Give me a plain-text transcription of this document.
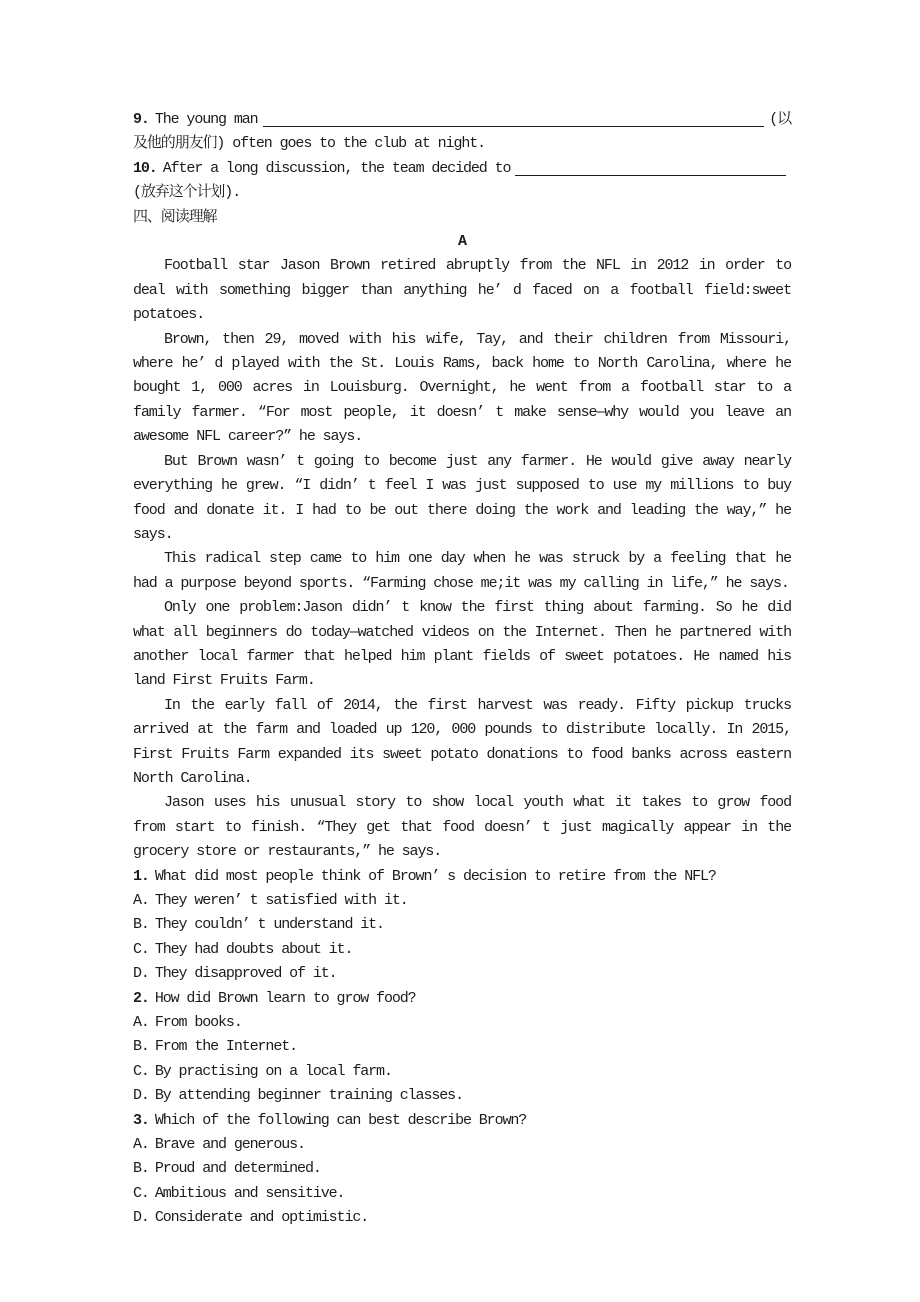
9. The young man	(以
及他的朋友们) often goes to the club at night.
10. After a long discussion, the team decided to
(放弃这个计划).
四、阅读理解
A
Football star Jason Brown retired abruptly from the NFL in 2012 in order to deal with something bigger than anything he’ d faced on a football field:sweet potatoes.
Brown, then 29, moved with his wife, Tay, and their children from Missouri, where he’ d played with the St. Louis Rams, back home to North Carolina, where he bought 1, 000 acres in Louisburg. Overnight, he went from a football star to a family farmer. “For most people, it doesn’ t make sense—why would you leave an awesome NFL career?” he says.
But Brown wasn’ t going to become just any farmer. He would give away nearly everything he grew. “I didn’ t feel I was just supposed to use my millions to buy food and donate it. I had to be out there doing the work and leading the way,” he says.
This radical step came to him one day when he was struck by a feeling that he had a purpose beyond sports. “Farming chose me;it was my calling in life,” he says.
Only one problem:Jason didn’ t know the first thing about farming. So he did what all beginners do today—watched videos on the Internet. Then he partnered with another local farmer that helped him plant fields of sweet potatoes. He named his land First Fruits Farm.
In the early fall of 2014, the first harvest was ready. Fifty pickup trucks arrived at the farm and loaded up 120, 000 pounds to distribute locally. In 2015, First Fruits Farm expanded its sweet potato donations to food banks across eastern North Carolina.
Jason uses his unusual story to show local youth what it takes to grow food from start to finish. “They get that food doesn’ t just magically appear in the grocery store or restaurants,” he says.
1. What did most people think of Brown’ s decision to retire from the NFL?
A. They weren’ t satisfied with it.
B. They couldn’ t understand it.
C. They had doubts about it.
D. They disapproved of it.
2. How did Brown learn to grow food?
A. From books.
B. From the Internet.
C. By practising on a local farm.
D. By attending beginner training classes.
3. Which of the following can best describe Brown?
A. Brave and generous.
B. Proud and determined.
C. Ambitious and sensitive.
D. Considerate and optimistic.
